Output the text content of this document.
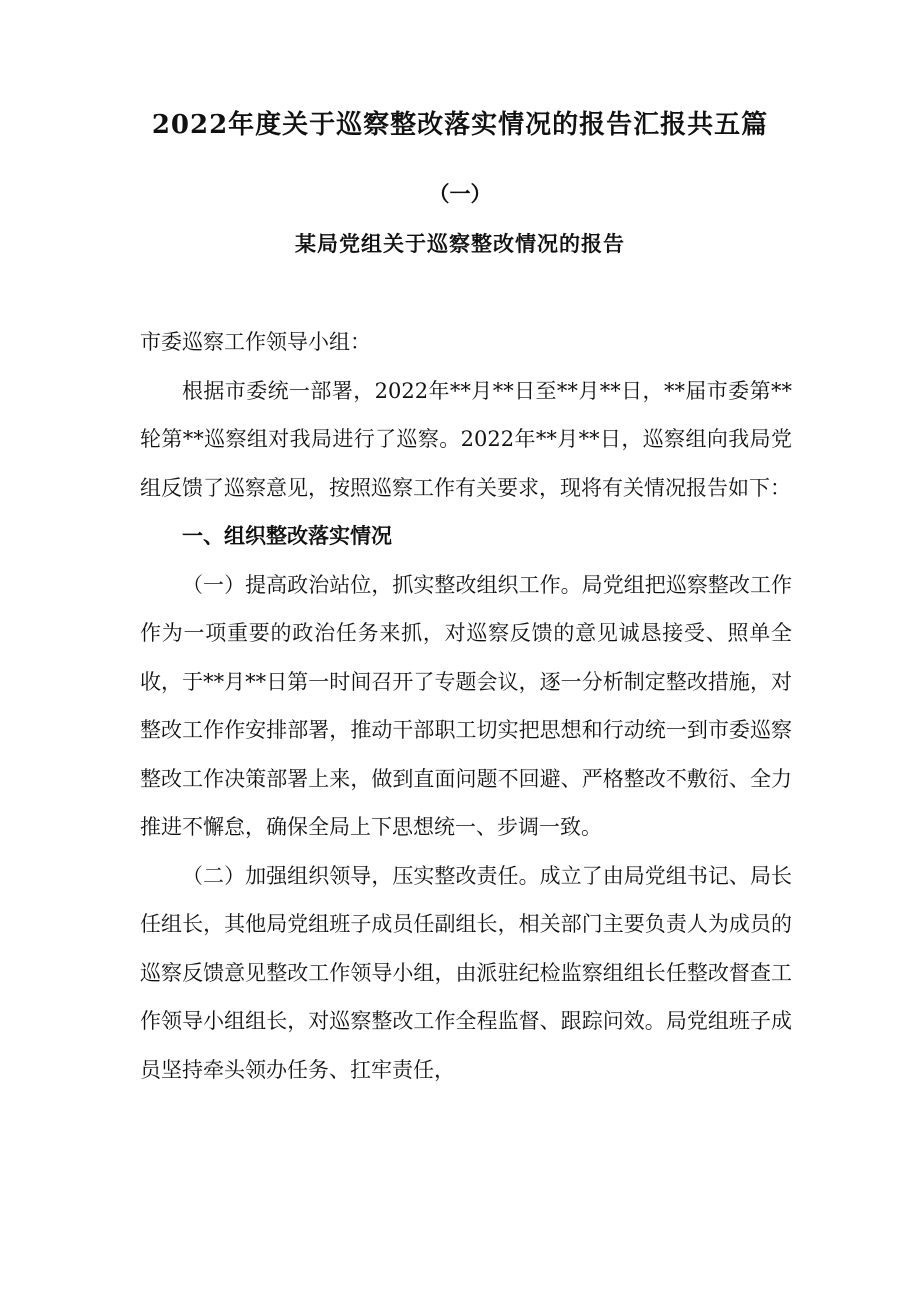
2022年度关于巡察整改落实情况的报告汇报共五篇
（一）
某局党组关于巡察整改情况的报告

市委巡察工作领导小组：

根据市委统一部署，2022年**月**日至**月**日，**届市委第**轮第**巡察组对我局进行了巡察。2022年**月**日，巡察组向我局党组反馈了巡察意见，按照巡察工作有关要求，现将有关情况报告如下：

一、组织整改落实情况

（一）提高政治站位，抓实整改组织工作。局党组把巡察整改工作作为一项重要的政治任务来抓，对巡察反馈的意见诚恳接受、照单全收，于**月**日第一时间召开了专题会议，逐一分析制定整改措施，对整改工作作安排部署，推动干部职工切实把思想和行动统一到市委巡察整改工作决策部署上来，做到直面问题不回避、严格整改不敷衍、全力推进不懈怠，确保全局上下思想统一、步调一致。

（二）加强组织领导，压实整改责任。成立了由局党组书记、局长任组长，其他局党组班子成员任副组长，相关部门主要负责人为成员的巡察反馈意见整改工作领导小组，由派驻纪检监察组组长任整改督查工作领导小组组长，对巡察整改工作全程监督、跟踪问效。局党组班子成员坚持牵头领办任务、扛牢责任，
